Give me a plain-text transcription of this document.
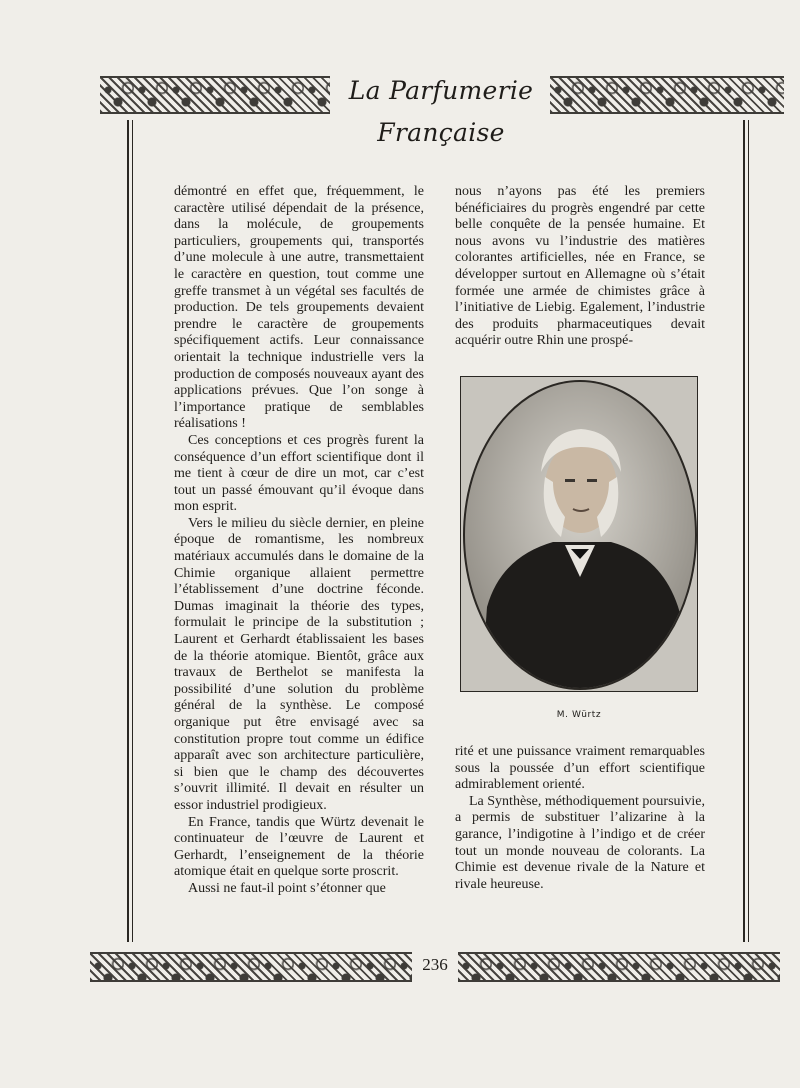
La Parfumerie Française

démontré en effet que, fréquemment, le caractère utilisé dépendait de la présence, dans la molécule, de groupements particuliers, groupements qui, transportés d’une molecule à une autre, transmettaient le caractère en question, tout comme une greffe transmet à un végétal ses facultés de production. De tels groupements devaient prendre le caractère de groupements spécifiquement actifs. Leur connaissance orientait la technique industrielle vers la production de composés nouveaux ayant des applications prévues. Que l’on songe à l’importance pratique de semblables réalisations !

Ces conceptions et ces progrès furent la conséquence d’un effort scientifique dont il me tient à cœur de dire un mot, car c’est tout un passé émouvant qu’il évoque dans mon esprit.

Vers le milieu du siècle dernier, en pleine époque de romantisme, les nombreux matériaux accumulés dans le domaine de la Chimie organique allaient permettre l’établissement d’une doctrine féconde. Dumas imaginait la théorie des types, formulait le principe de la substitution ; Laurent et Gerhardt établissaient les bases de la théorie atomique. Bientôt, grâce aux travaux de Berthelot se manifesta la possibilité d’une solution du problème général de la synthèse. Le composé organique put être envisagé avec sa constitution propre tout comme un édifice apparaît avec son architecture particulière, si bien que le champ des découvertes s’ouvrit illimité. Il devait en résulter un essor industriel prodigieux.

En France, tandis que Würtz devenait le continuateur de l’œuvre de Laurent et Gerhardt, l’enseignement de la théorie atomique était en quelque sorte proscrit.

Aussi ne faut-il point s’étonner que

nous n’ayons pas été les premiers bénéficiaires du progrès engendré par cette belle conquête de la pensée humaine. Et nous avons vu l’industrie des matières colorantes artificielles, née en France, se développer surtout en Allemagne où s’était formée une armée de chimistes grâce à l’initiative de Liebig. Egalement, l’industrie des produits pharmaceutiques devait acquérir outre Rhin une prospé-

M. Würtz

rité et une puissance vraiment remarquables sous la poussée d’un effort scientifique admirablement orienté.

La Synthèse, méthodiquement poursuivie, a permis de substituer l’alizarine à la garance, l’indigotine à l’indigo et de créer tout un monde nouveau de colorants. La Chimie est devenue rivale de la Nature et rivale heureuse.

236
